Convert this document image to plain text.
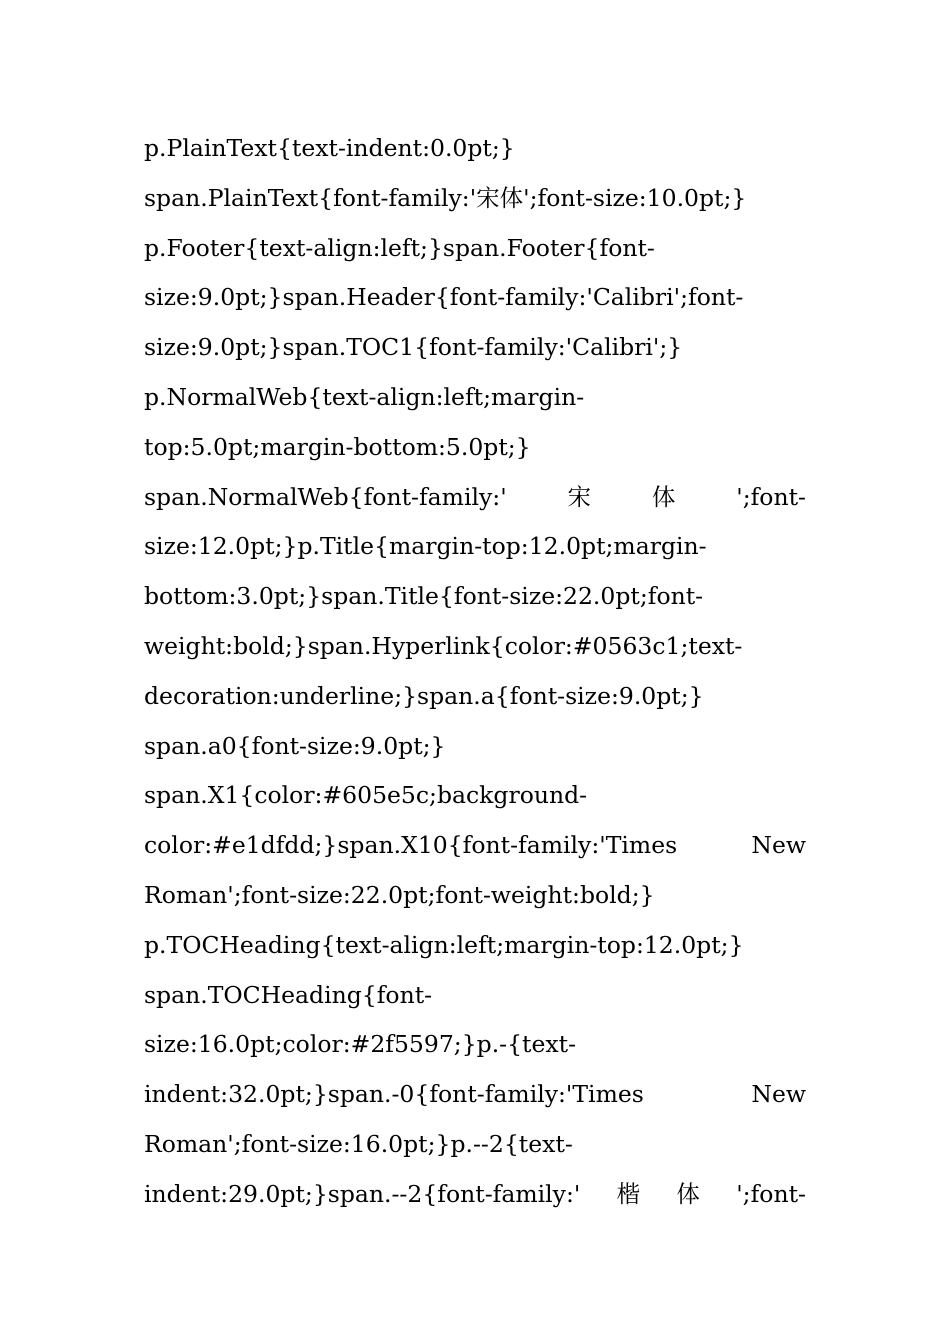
p.PlainText{text-indent:0.0pt;}
span.PlainText{font-family:'宋体';font-size:10.0pt;}
p.Footer{text-align:left;}span.Footer{font-
size:9.0pt;}span.Header{font-family:'Calibri';font-
size:9.0pt;}span.TOC1{font-family:'Calibri';}
p.NormalWeb{text-align:left;margin-
top:5.0pt;margin-bottom:5.0pt;}
span.NormalWeb{font-family:'	宋	体	';font-
size:12.0pt;}p.Title{margin-top:12.0pt;margin-
bottom:3.0pt;}span.Title{font-size:22.0pt;font-
weight:bold;}span.Hyperlink{color:#0563c1;text-
decoration:underline;}span.a{font-size:9.0pt;}
span.a0{font-size:9.0pt;}
span.X1{color:#605e5c;background-
color:#e1dfdd;}span.X10{font-family:'Times	New
Roman';font-size:22.0pt;font-weight:bold;}
p.TOCHeading{text-align:left;margin-top:12.0pt;}
span.TOCHeading{font-
size:16.0pt;color:#2f5597;}p.-{text-
indent:32.0pt;}span.-0{font-family:'Times	New
Roman';font-size:16.0pt;}p.--2{text-
indent:29.0pt;}span.--2{font-family:' 楷 体 ';font-
